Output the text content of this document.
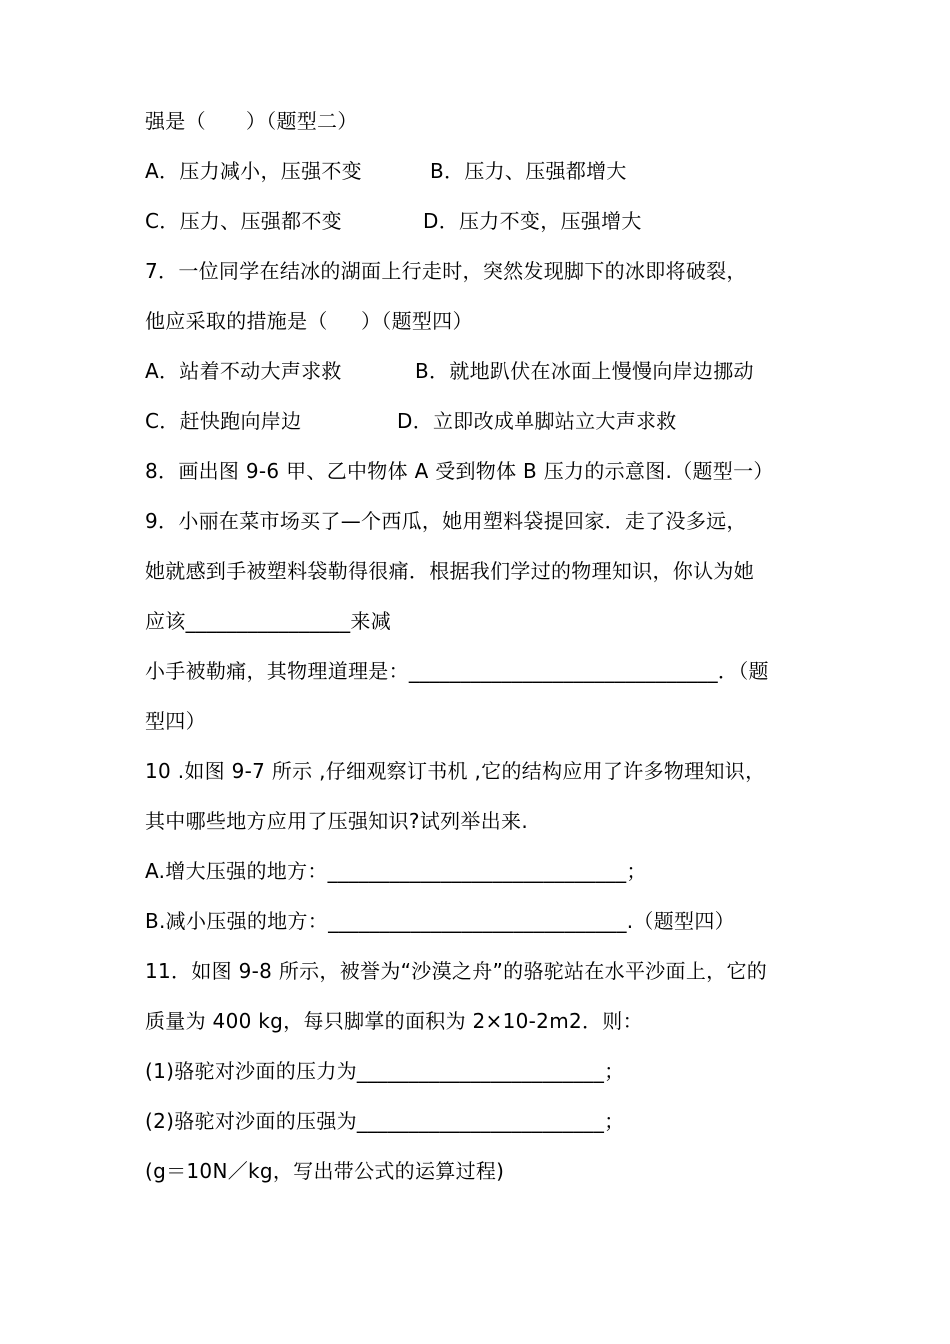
强是（      ）（题型二）
A．压力减小，压强不变	B．压力、压强都增大
C．压力、压强都不变	D．压力不变，压强增大
7．一位同学在结冰的湖面上行走时，突然发现脚下的冰即将破裂，
他应采取的措施是（     ）（题型四）
A．站着不动大声求救	B．就地趴伏在冰面上慢慢向岸边挪动
C．赶快跑向岸边	D．立即改成单脚站立大声求救
8．画出图 9-6 甲、乙中物体 A 受到物体 B 压力的示意图.（题型一）
9．小丽在菜市场买了—个西瓜，她用塑料袋提回家．走了没多远，
她就感到手被塑料袋勒得很痛．根据我们学过的物理知识，你认为她
应该________________来减
小手被勒痛，其物理道理是：______________________________．（题
型四）
10 .如图 9-7 所示 ,仔细观察订书机 ,它的结构应用了许多物理知识，
其中哪些地方应用了压强知识?试列举出来.
A.增大压强的地方：_____________________________；
B.减小压强的地方：_____________________________.（题型四）
11．如图 9-8 所示，被誉为“沙漠之舟”的骆驼站在水平沙面上，它的
质量为 400 kg，每只脚掌的面积为 2×10-2m2．则：
(1)骆驼对沙面的压力为________________________；
(2)骆驼对沙面的压强为________________________；
(g＝10N／kg，写出带公式的运算过程)
